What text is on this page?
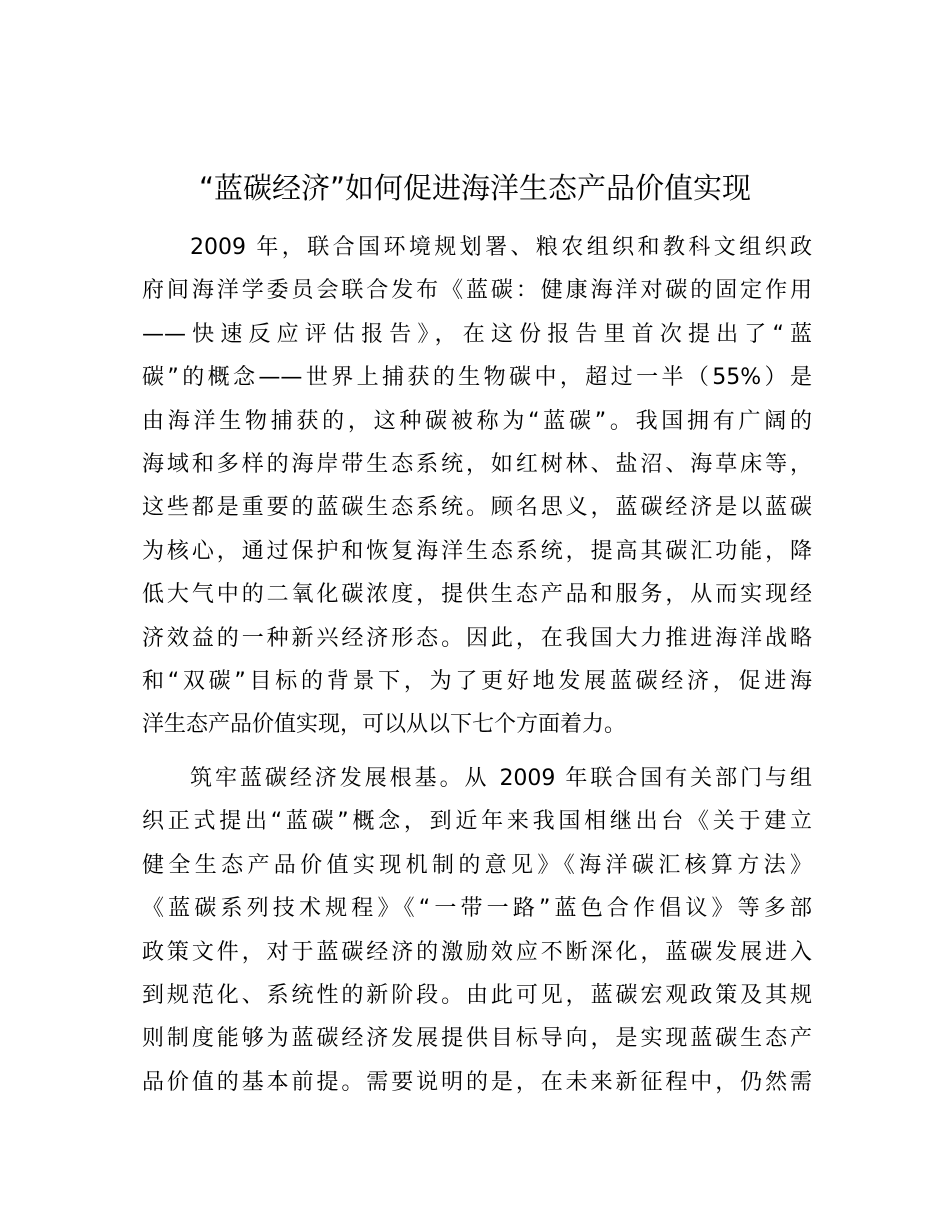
“蓝碳经济”如何促进海洋生态产品价值实现
2009 年，联合国环境规划署、粮农组织和教科文组织政
府间海洋学委员会联合发布《蓝碳：健康海洋对碳的固定作用
——快速反应评估报告》，在这份报告里首次提出了“蓝
碳”的概念——世界上捕获的生物碳中，超过一半（55%）是
由海洋生物捕获的，这种碳被称为“蓝碳”。我国拥有广阔的
海域和多样的海岸带生态系统，如红树林、盐沼、海草床等，
这些都是重要的蓝碳生态系统。顾名思义，蓝碳经济是以蓝碳
为核心，通过保护和恢复海洋生态系统，提高其碳汇功能，降
低大气中的二氧化碳浓度，提供生态产品和服务，从而实现经
济效益的一种新兴经济形态。因此，在我国大力推进海洋战略
和“双碳”目标的背景下，为了更好地发展蓝碳经济，促进海
洋生态产品价值实现，可以从以下七个方面着力。
筑牢蓝碳经济发展根基。从 2009 年联合国有关部门与组
织正式提出“蓝碳”概念，到近年来我国相继出台《关于建立
健全生态产品价值实现机制的意见》《海洋碳汇核算方法》
《蓝碳系列技术规程》《“一带一路”蓝色合作倡议》等多部
政策文件，对于蓝碳经济的激励效应不断深化，蓝碳发展进入
到规范化、系统性的新阶段。由此可见，蓝碳宏观政策及其规
则制度能够为蓝碳经济发展提供目标导向，是实现蓝碳生态产
品价值的基本前提。需要说明的是，在未来新征程中，仍然需
